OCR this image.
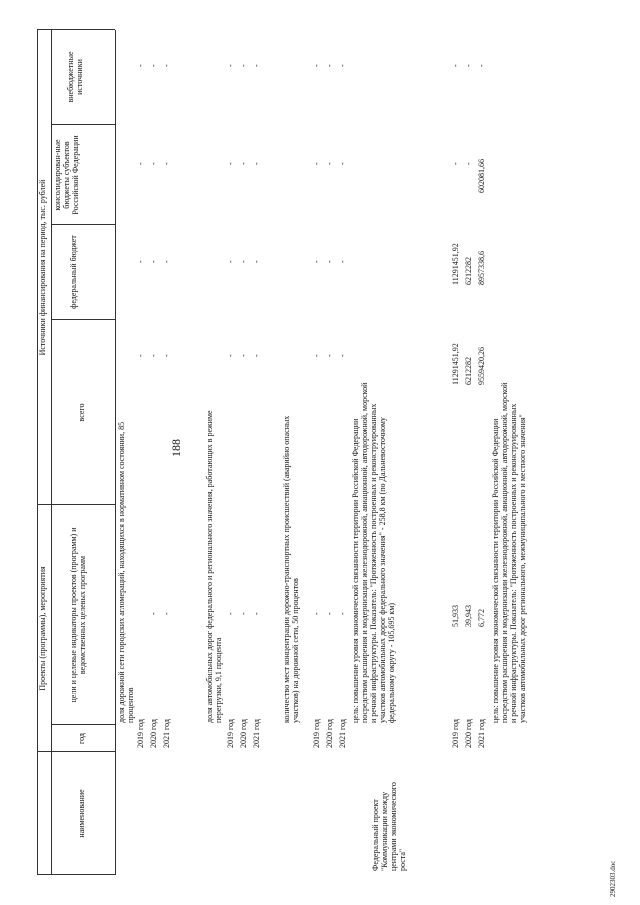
188
наименование
Проекты (программы), мероприятия
год
цели и целевые индикаторы проектов (программ) и ведомственных целевых программ
Источники финансирования на период, тыс. рублей
всего
федеральный бюджет
консолидирован-ные бюджеты субъектов Российской Федерации
внебюджетные источники
доля дорожной сети городских агломераций, находящихся в нормативном состоянии, 85 процентов
2019 год 2020 год 2021 год
- -
- - -
- - -
- - -
- - -
доля автомобильных дорог федерального и регионального значения, работающих в режиме перегрузки, 9,1 процента
2019 год 2020 год 2021 год
- - -
- - -
- - -
- - -
- - -
количество мест концентрации дорожно-транспортных происшествий (аварийно опасных участков) на дорожной сети, 50 процентов
2019 год 2020 год 2021 год
- - -
- - -
- - -
- - -
- - -
Федеральный проект "Коммуникации между центрами экономического роста"
цель: повышение уровня экономической связанности территории Российской Федерации посредством расширения и модернизации железнодорожной, авиационной, автодорожной, морской и речной инфраструктуры. Показатель: "Протяженность построенных и реконструированных участков автомобильных дорог федерального значения" - 258,8 км (по Дальневосточному федеральному округу - 105,695 км)
2019 год 2020 год 2021 год
51,933 39,943 6,772
11291451,92 6212282 9559420,26
11291451,92 6212282 8957338,6
- - 602081,66
- - -
цель: повышение уровня экономической связанности территории Российской Федерации посредством расширения и модернизации железнодорожной, авиационной, автодорожной, морской и речной инфраструктуры. Показатель: "Протяженность построенных и реконструированных участков автомобильных дорог регионального, межмуниципального и местного значения"
2902303.doc
